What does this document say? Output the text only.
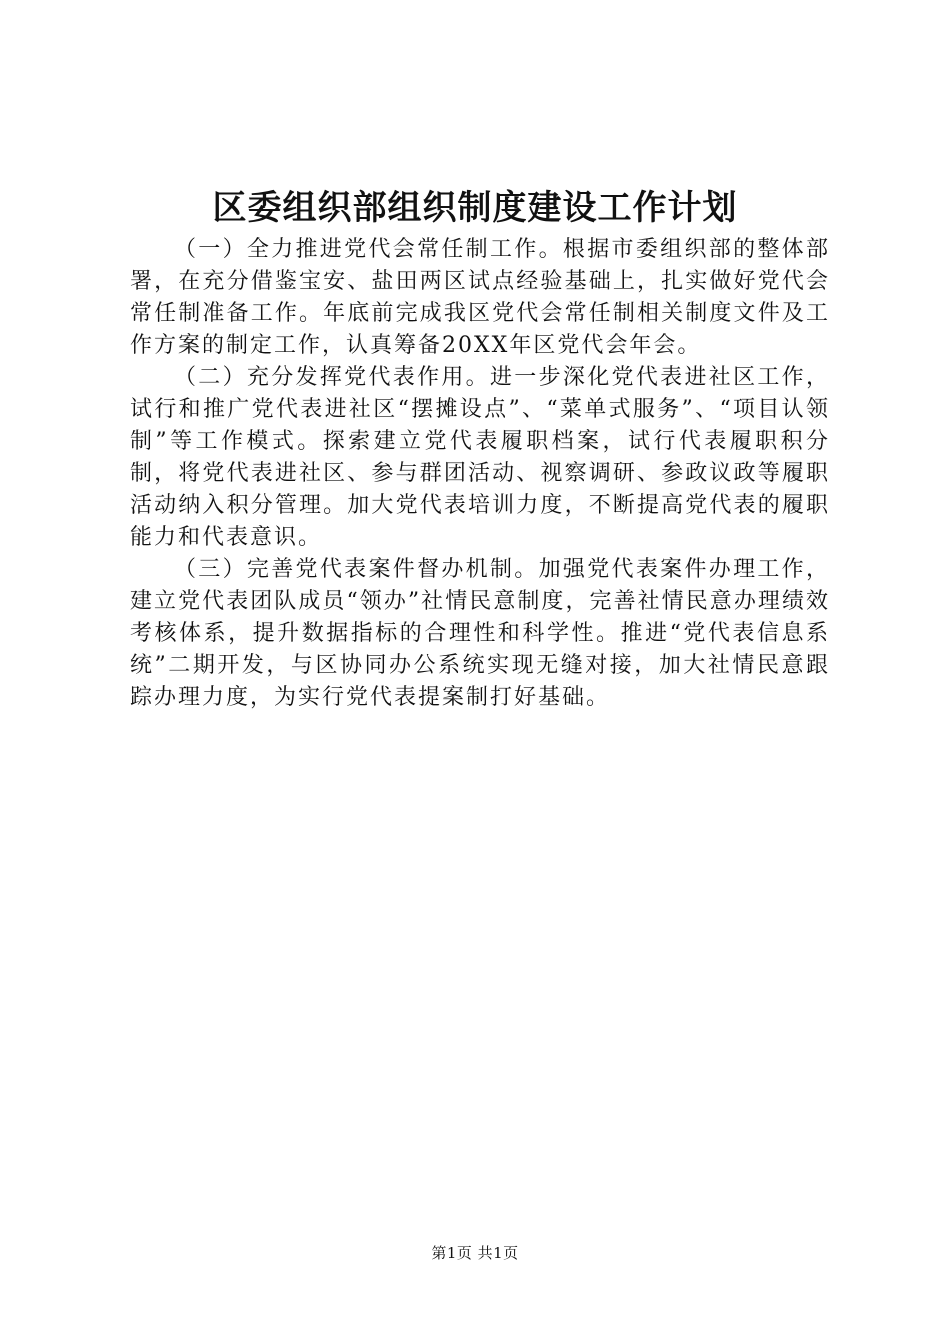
区委组织部组织制度建设工作计划

（一）全力推进党代会常任制工作。根据市委组织部的整体部署，在充分借鉴宝安、盐田两区试点经验基础上，扎实做好党代会常任制准备工作。年底前完成我区党代会常任制相关制度文件及工作方案的制定工作，认真筹备20XX年区党代会年会。

（二）充分发挥党代表作用。进一步深化党代表进社区工作，试行和推广党代表进社区“摆摊设点”、“菜单式服务”、“项目认领制”等工作模式。探索建立党代表履职档案，试行代表履职积分制，将党代表进社区、参与群团活动、视察调研、参政议政等履职活动纳入积分管理。加大党代表培训力度，不断提高党代表的履职能力和代表意识。

（三）完善党代表案件督办机制。加强党代表案件办理工作，建立党代表团队成员“领办”社情民意制度，完善社情民意办理绩效考核体系，提升数据指标的合理性和科学性。推进“党代表信息系统”二期开发，与区协同办公系统实现无缝对接，加大社情民意跟踪办理力度，为实行党代表提案制打好基础。

第1页 共1页
